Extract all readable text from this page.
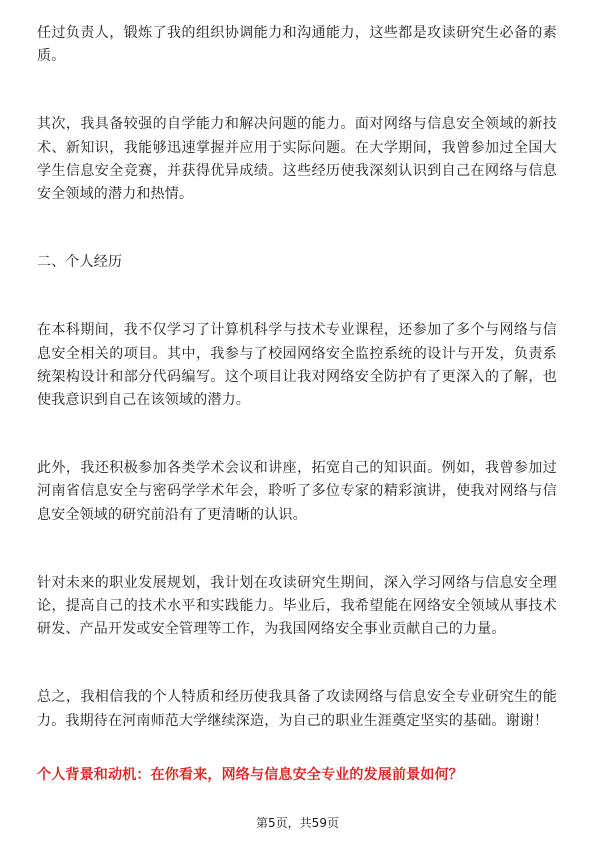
任过负责人，锻炼了我的组织协调能力和沟通能力，这些都是攻读研究生必备的素质。

其次，我具备较强的自学能力和解决问题的能力。面对网络与信息安全领域的新技术、新知识，我能够迅速掌握并应用于实际问题。在大学期间，我曾参加过全国大学生信息安全竞赛，并获得优异成绩。这些经历使我深刻认识到自己在网络与信息安全领域的潜力和热情。

二、个人经历

在本科期间，我不仅学习了计算机科学与技术专业课程，还参加了多个与网络与信息安全相关的项目。其中，我参与了校园网络安全监控系统的设计与开发，负责系统架构设计和部分代码编写。这个项目让我对网络安全防护有了更深入的了解，也使我意识到自己在该领域的潜力。

此外，我还积极参加各类学术会议和讲座，拓宽自己的知识面。例如，我曾参加过河南省信息安全与密码学学术年会，聆听了多位专家的精彩演讲，使我对网络与信息安全领域的研究前沿有了更清晰的认识。

针对未来的职业发展规划，我计划在攻读研究生期间，深入学习网络与信息安全理论，提高自己的技术水平和实践能力。毕业后，我希望能在网络安全领域从事技术研发、产品开发或安全管理等工作，为我国网络安全事业贡献自己的力量。

总之，我相信我的个人特质和经历使我具备了攻读网络与信息安全专业研究生的能力。我期待在河南师范大学继续深造，为自己的职业生涯奠定坚实的基础。谢谢！

个人背景和动机：在你看来，网络与信息安全专业的发展前景如何？
第5页，共59页
